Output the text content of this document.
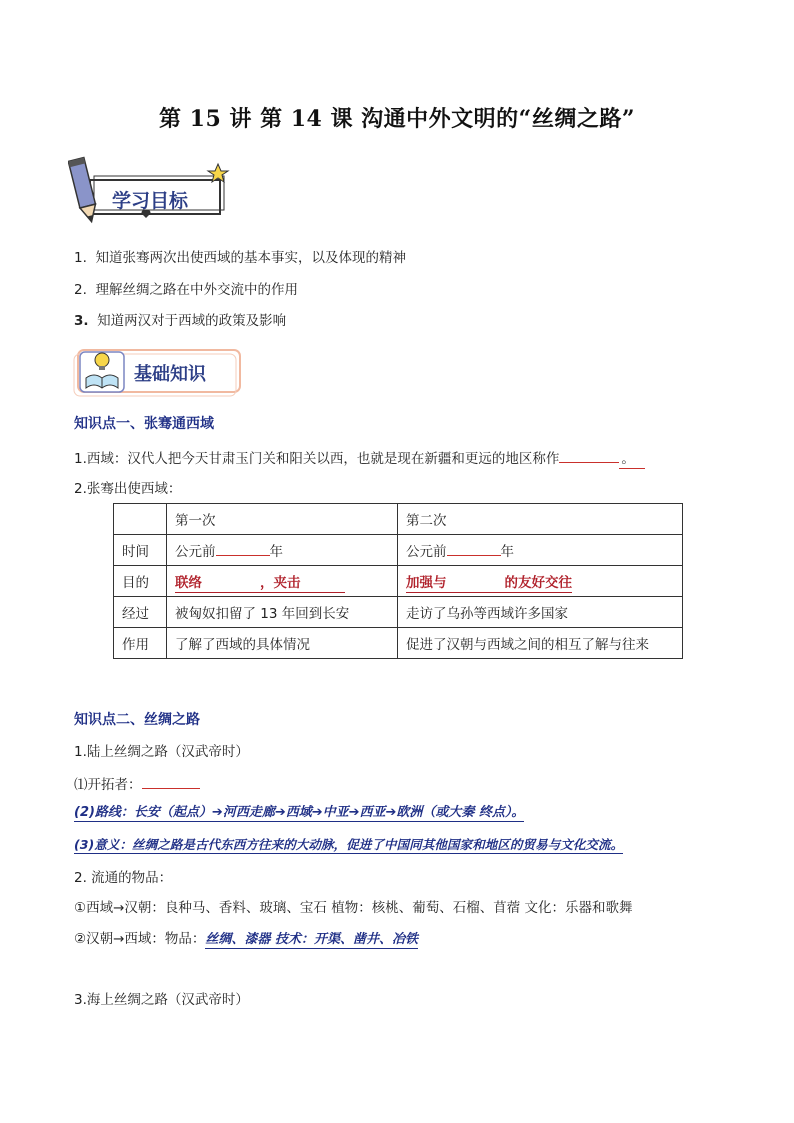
第 15 讲 第 14 课 沟通中外文明的“丝绸之路”
学习目标
1. 知道张骞两次出使西域的基本事实，以及体现的精神
2. 理解丝绸之路在中外交流中的作用
3. 知道两汉对于西域的政策及影响
基础知识
知识点一、张骞通西域
1.西域：汉代人把今天甘肃玉门关和阳关以西，也就是现在新疆和更远的地区称作	。
2.张骞出使西域：
	第一次	第二次
时间	公元前 年	公元前 年
目的	联络 ，夹击	加强与 的友好交往
经过	被匈奴扣留了 13 年回到长安	走访了乌孙等西域许多国家
作用	了解了西域的具体情况	促进了汉朝与西域之间的相互了解与往来
知识点二、丝绸之路
1.陆上丝绸之路（汉武帝时）
⑴开拓者：
(2)路线：长安（起点）➔河西走廊➔西域➔中亚➔西亚➔欧洲（或大秦 终点）。
(3)意义：丝绸之路是古代东西方往来的大动脉，促进了中国同其他国家和地区的贸易与文化交流。
2. 流通的物品：
①西域→汉朝：良种马、香料、玻璃、宝石 植物：核桃、葡萄、石榴、苜蓿 文化：乐器和歌舞
②汉朝→西域：物品：丝绸、漆器 技术：开渠、凿井、冶铁
3.海上丝绸之路（汉武帝时）
